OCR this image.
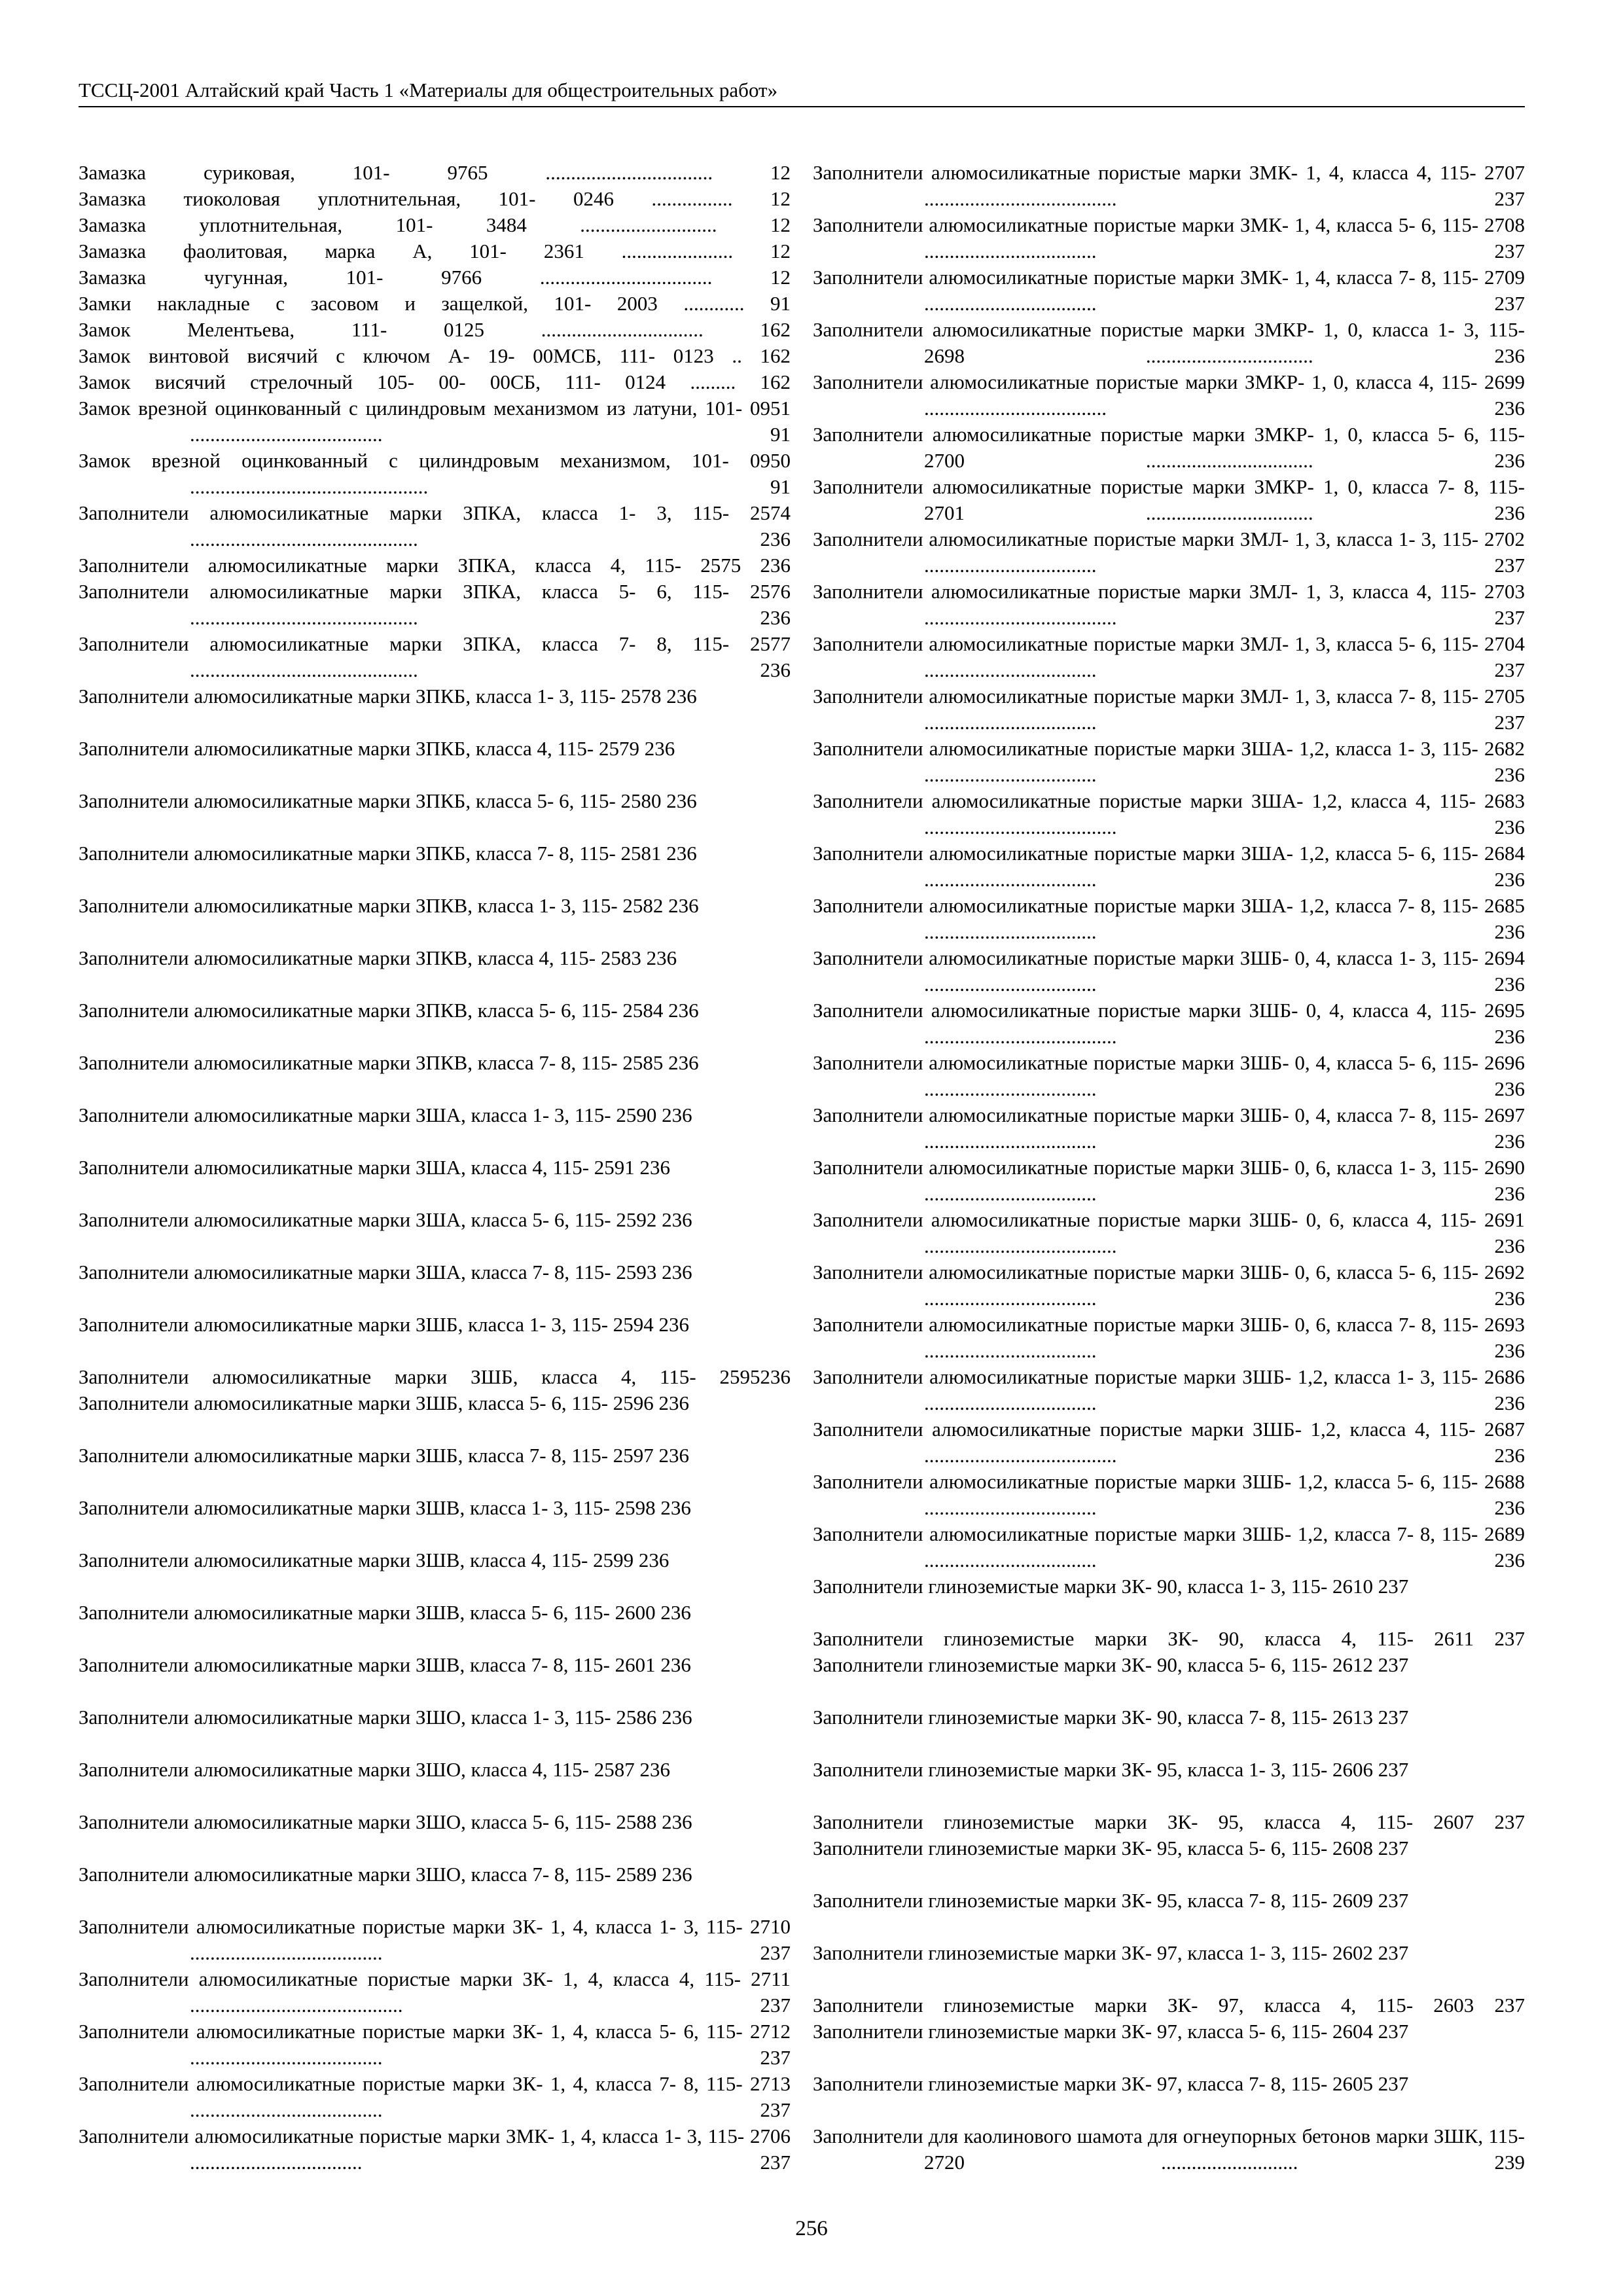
ТССЦ-2001 Алтайский край Часть 1 «Материалы для общестроительных работ»

Замазка суриковая, 101- 9765 ................................. 12

Замазка тиоколовая уплотнительная, 101- 0246 ................ 12

Замазка уплотнительная, 101- 3484 ........................... 12

Замазка фаолитовая, марка А, 101- 2361 ...................... 12

Замазка чугунная, 101- 9766 .................................. 12

Замки накладные с засовом и защелкой, 101- 2003 ............ 91

Замок Мелентьева, 111- 0125 ................................ 162

Замок винтовой висячий с ключом А- 19- 00МСБ, 111- 0123 .. 162

Замок висячий стрелочный 105- 00- 00СБ, 111- 0124 ......... 162

Замок врезной оцинкованный с цилиндровым механизмом из латуни, 101- 0951 ...................................... 91

Замок врезной оцинкованный с цилиндровым механизмом, 101- 0950 ............................................... 91

Заполнители алюмосиликатные марки ЗПКА, класса 1- 3, 115- 2574 ............................................. 236

Заполнители алюмосиликатные марки ЗПКА, класса 4, 115- 2575 236

Заполнители алюмосиликатные марки ЗПКА, класса 5- 6, 115- 2576 ............................................. 236

Заполнители алюмосиликатные марки ЗПКА, класса 7- 8, 115- 2577 ............................................. 236

Заполнители алюмосиликатные марки ЗПКБ, класса 1- 3, 115- 2578 236

Заполнители алюмосиликатные марки ЗПКБ, класса 4, 115- 2579 236

Заполнители алюмосиликатные марки ЗПКБ, класса 5- 6, 115- 2580 236

Заполнители алюмосиликатные марки ЗПКБ, класса 7- 8, 115- 2581 236

Заполнители алюмосиликатные марки ЗПКВ, класса 1- 3, 115- 2582 236

Заполнители алюмосиликатные марки ЗПКВ, класса 4, 115- 2583 236

Заполнители алюмосиликатные марки ЗПКВ, класса 5- 6, 115- 2584 236

Заполнители алюмосиликатные марки ЗПКВ, класса 7- 8, 115- 2585 236

Заполнители алюмосиликатные марки ЗША, класса 1- 3, 115- 2590 236

Заполнители алюмосиликатные марки ЗША, класса 4, 115- 2591 236

Заполнители алюмосиликатные марки ЗША, класса 5- 6, 115- 2592 236

Заполнители алюмосиликатные марки ЗША, класса 7- 8, 115- 2593 236

Заполнители алюмосиликатные марки ЗШБ, класса 1- 3, 115- 2594 236

Заполнители алюмосиликатные марки ЗШБ, класса 4, 115- 2595236

Заполнители алюмосиликатные марки ЗШБ, класса 5- 6, 115- 2596 236

Заполнители алюмосиликатные марки ЗШБ, класса 7- 8, 115- 2597 236

Заполнители алюмосиликатные марки ЗШВ, класса 1- 3, 115- 2598 236

Заполнители алюмосиликатные марки ЗШВ, класса 4, 115- 2599 236

Заполнители алюмосиликатные марки ЗШВ, класса 5- 6, 115- 2600 236

Заполнители алюмосиликатные марки ЗШВ, класса 7- 8, 115- 2601 236

Заполнители алюмосиликатные марки ЗШО, класса 1- 3, 115- 2586 236

Заполнители алюмосиликатные марки ЗШО, класса 4, 115- 2587 236

Заполнители алюмосиликатные марки ЗШО, класса 5- 6, 115- 2588 236

Заполнители алюмосиликатные марки ЗШО, класса 7- 8, 115- 2589 236

Заполнители алюмосиликатные пористые марки ЗК- 1, 4, класса 1- 3, 115- 2710 ...................................... 237

Заполнители алюмосиликатные пористые марки ЗК- 1, 4, класса 4, 115- 2711 .......................................... 237

Заполнители алюмосиликатные пористые марки ЗК- 1, 4, класса 5- 6, 115- 2712 ...................................... 237

Заполнители алюмосиликатные пористые марки ЗК- 1, 4, класса 7- 8, 115- 2713 ...................................... 237

Заполнители алюмосиликатные пористые марки ЗМК- 1, 4, класса 1- 3, 115- 2706 .................................. 237

Заполнители алюмосиликатные пористые марки ЗМК- 1, 4, класса 4, 115- 2707 ...................................... 237

Заполнители алюмосиликатные пористые марки ЗМК- 1, 4, класса 5- 6, 115- 2708 .................................. 237

Заполнители алюмосиликатные пористые марки ЗМК- 1, 4, класса 7- 8, 115- 2709 .................................. 237

Заполнители алюмосиликатные пористые марки ЗМКР- 1, 0, класса 1- 3, 115- 2698 ................................. 236

Заполнители алюмосиликатные пористые марки ЗМКР- 1, 0, класса 4, 115- 2699 .................................... 236

Заполнители алюмосиликатные пористые марки ЗМКР- 1, 0, класса 5- 6, 115- 2700 ................................. 236

Заполнители алюмосиликатные пористые марки ЗМКР- 1, 0, класса 7- 8, 115- 2701 ................................. 236

Заполнители алюмосиликатные пористые марки ЗМЛ- 1, 3, класса 1- 3, 115- 2702 .................................. 237

Заполнители алюмосиликатные пористые марки ЗМЛ- 1, 3, класса 4, 115- 2703 ...................................... 237

Заполнители алюмосиликатные пористые марки ЗМЛ- 1, 3, класса 5- 6, 115- 2704 .................................. 237

Заполнители алюмосиликатные пористые марки ЗМЛ- 1, 3, класса 7- 8, 115- 2705 .................................. 237

Заполнители алюмосиликатные пористые марки ЗША- 1,2, класса 1- 3, 115- 2682 .................................. 236

Заполнители алюмосиликатные пористые марки ЗША- 1,2, класса 4, 115- 2683 ...................................... 236

Заполнители алюмосиликатные пористые марки ЗША- 1,2, класса 5- 6, 115- 2684 .................................. 236

Заполнители алюмосиликатные пористые марки ЗША- 1,2, класса 7- 8, 115- 2685 .................................. 236

Заполнители алюмосиликатные пористые марки ЗШБ- 0, 4, класса 1- 3, 115- 2694 .................................. 236

Заполнители алюмосиликатные пористые марки ЗШБ- 0, 4, класса 4, 115- 2695 ...................................... 236

Заполнители алюмосиликатные пористые марки ЗШБ- 0, 4, класса 5- 6, 115- 2696 .................................. 236

Заполнители алюмосиликатные пористые марки ЗШБ- 0, 4, класса 7- 8, 115- 2697 .................................. 236

Заполнители алюмосиликатные пористые марки ЗШБ- 0, 6, класса 1- 3, 115- 2690 .................................. 236

Заполнители алюмосиликатные пористые марки ЗШБ- 0, 6, класса 4, 115- 2691 ...................................... 236

Заполнители алюмосиликатные пористые марки ЗШБ- 0, 6, класса 5- 6, 115- 2692 .................................. 236

Заполнители алюмосиликатные пористые марки ЗШБ- 0, 6, класса 7- 8, 115- 2693 .................................. 236

Заполнители алюмосиликатные пористые марки ЗШБ- 1,2, класса 1- 3, 115- 2686 .................................. 236

Заполнители алюмосиликатные пористые марки ЗШБ- 1,2, класса 4, 115- 2687 ...................................... 236

Заполнители алюмосиликатные пористые марки ЗШБ- 1,2, класса 5- 6, 115- 2688 .................................. 236

Заполнители алюмосиликатные пористые марки ЗШБ- 1,2, класса 7- 8, 115- 2689 .................................. 236

Заполнители глиноземистые марки ЗК- 90, класса 1- 3, 115- 2610 237

Заполнители глиноземистые марки ЗК- 90, класса 4, 115- 2611 237

Заполнители глиноземистые марки ЗК- 90, класса 5- 6, 115- 2612 237

Заполнители глиноземистые марки ЗК- 90, класса 7- 8, 115- 2613 237

Заполнители глиноземистые марки ЗК- 95, класса 1- 3, 115- 2606 237

Заполнители глиноземистые марки ЗК- 95, класса 4, 115- 2607 237

Заполнители глиноземистые марки ЗК- 95, класса 5- 6, 115- 2608 237

Заполнители глиноземистые марки ЗК- 95, класса 7- 8, 115- 2609 237

Заполнители глиноземистые марки ЗК- 97, класса 1- 3, 115- 2602 237

Заполнители глиноземистые марки ЗК- 97, класса 4, 115- 2603 237

Заполнители глиноземистые марки ЗК- 97, класса 5- 6, 115- 2604 237

Заполнители глиноземистые марки ЗК- 97, класса 7- 8, 115- 2605 237

Заполнители для каолинового шамота для огнеупорных бетонов марки ЗШК, 115- 2720 ........................... 239

256
